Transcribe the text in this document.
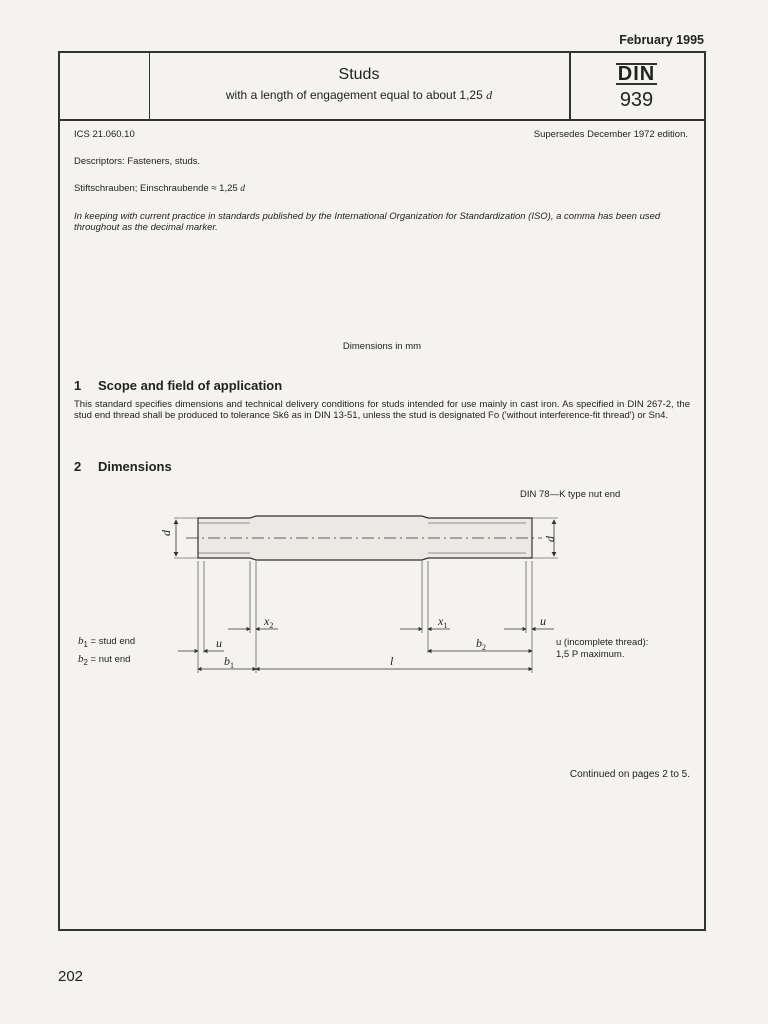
February 1995
Studs
with a length of engagement equal to about 1,25 d
DIN
939
ICS 21.060.10	Supersedes December 1972 edition.
Descriptors: Fasteners, studs.
Stiftschrauben; Einschraubende ≈ 1,25 d
In keeping with current practice in standards published by the International Organization for Standardization (ISO), a comma has been used throughout as the decimal marker.
Dimensions in mm
1 Scope and field of application
This standard specifies dimensions and technical delivery conditions for studs intended for use mainly in cast iron. As specified in DIN 267-2, the stud end thread shall be produced to tolerance Sk6 as in DIN 13-51, unless the stud is designated Fo ('without interference-fit thread') or Sn4.
2 Dimensions
d
d
$x_2$	$x_1$	u
u	$b_2$
$b_1$	l
DIN 78—K type nut end
u (incomplete thread):
1,5 P maximum.
$b_1$ = stud end
$b_2$ = nut end
Continued on pages 2 to 5.
202
